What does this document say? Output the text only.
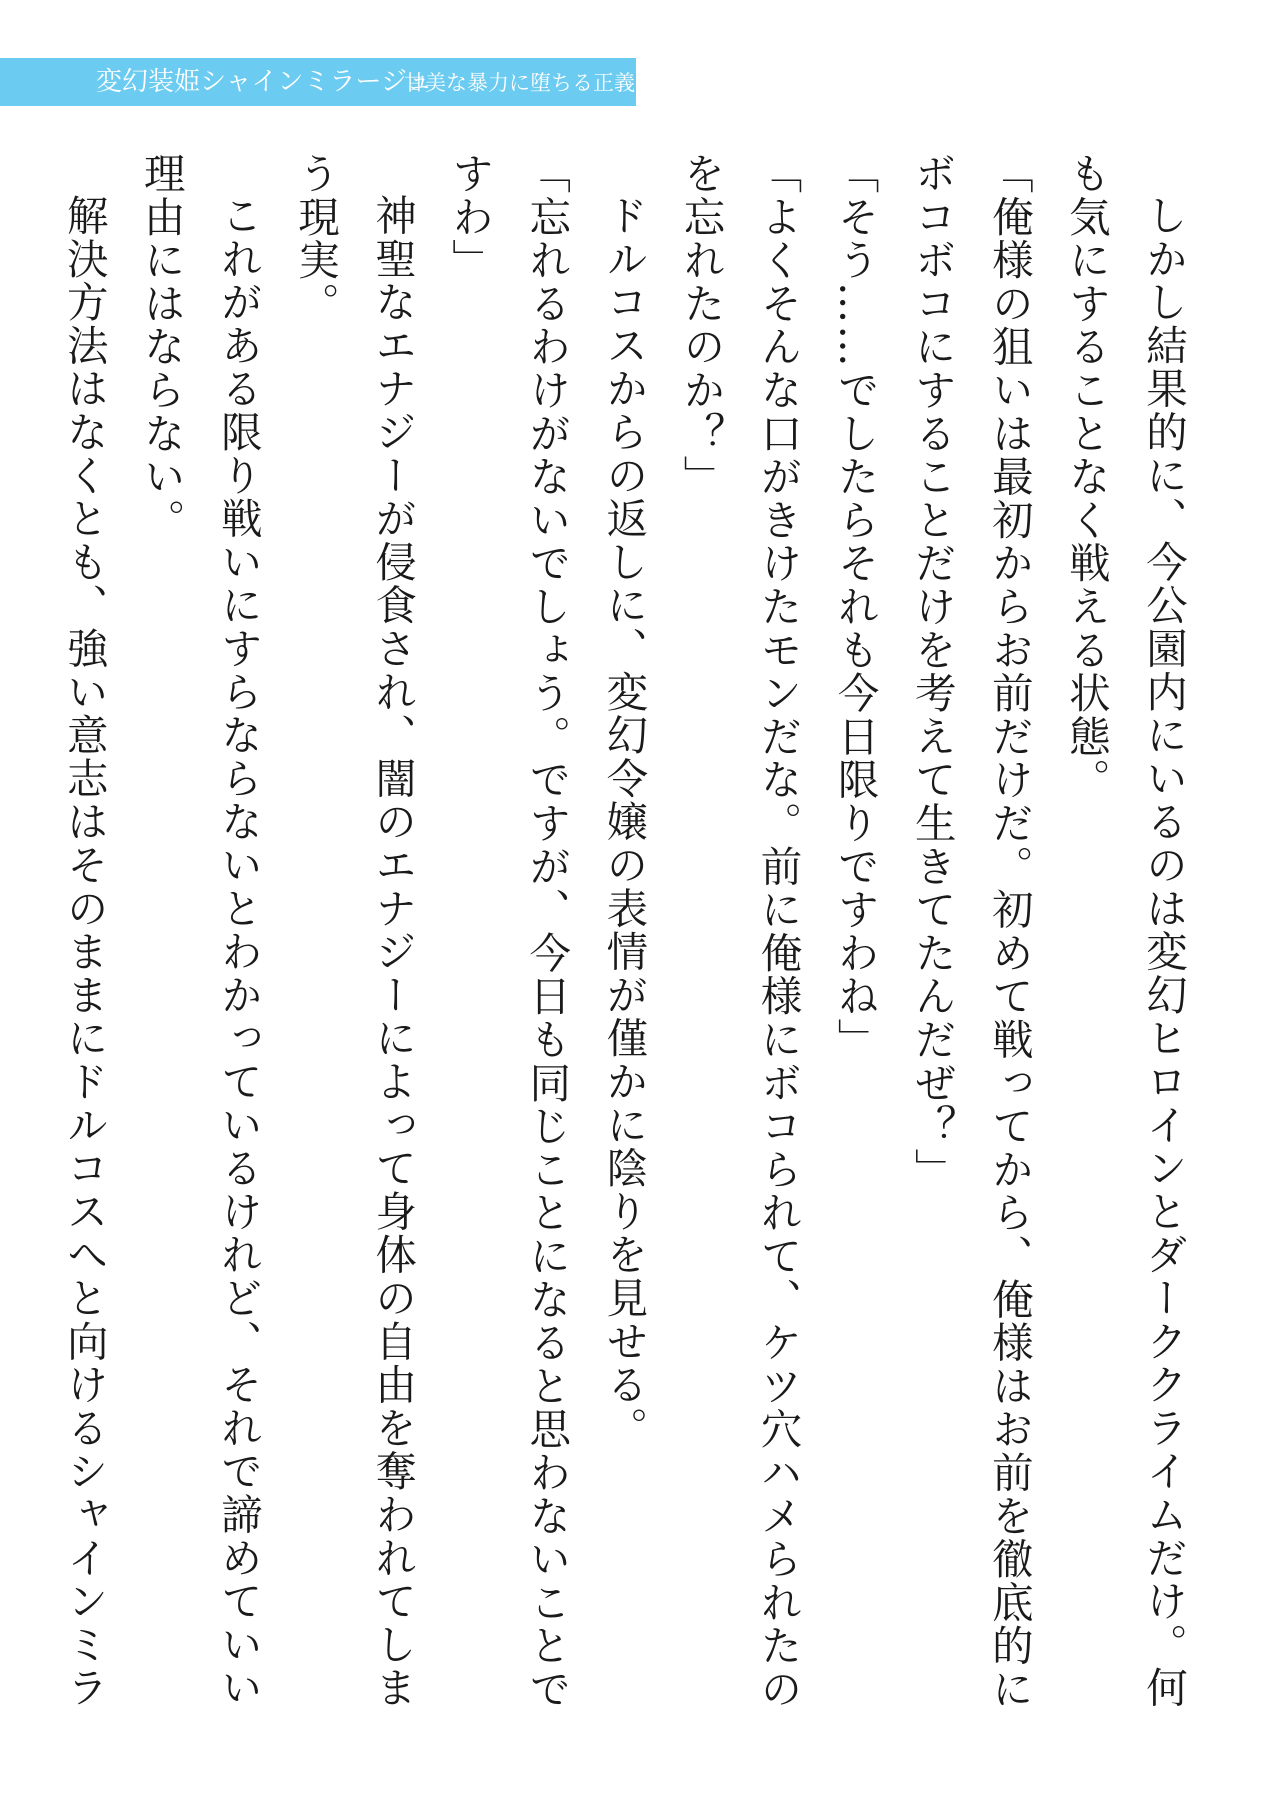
変幻装姫シャインミラージュ
甘美な暴力に堕ちる正義

しかし結果的に、今公園内にいるのは変幻ヒロインとダーククライムだけ。何も気にすることなく戦える状態。

「俺様の狙いは最初からお前だけだ。初めて戦ってから、俺様はお前を徹底的にボコボコにすることだけを考えて生きてたんだぜ？」

「そう……でしたらそれも今日限りですわね」

「よくそんな口がきけたモンだな。前に俺様にボコられて、ケツ穴ハメられたのを忘れたのか？」

ドルコスからの返しに、変幻令嬢の表情が僅かに陰りを見せる。

「忘れるわけがないでしょう。ですが、今日も同じことになると思わないことですわ」

神聖なエナジーが侵食され、闇のエナジーによって身体の自由を奪われてしまう現実。

これがある限り戦いにすらならないとわかっているけれど、それで諦めていい理由にはならない。

解決方法はなくとも、強い意志はそのままにドルコスへと向けるシャインミラ
